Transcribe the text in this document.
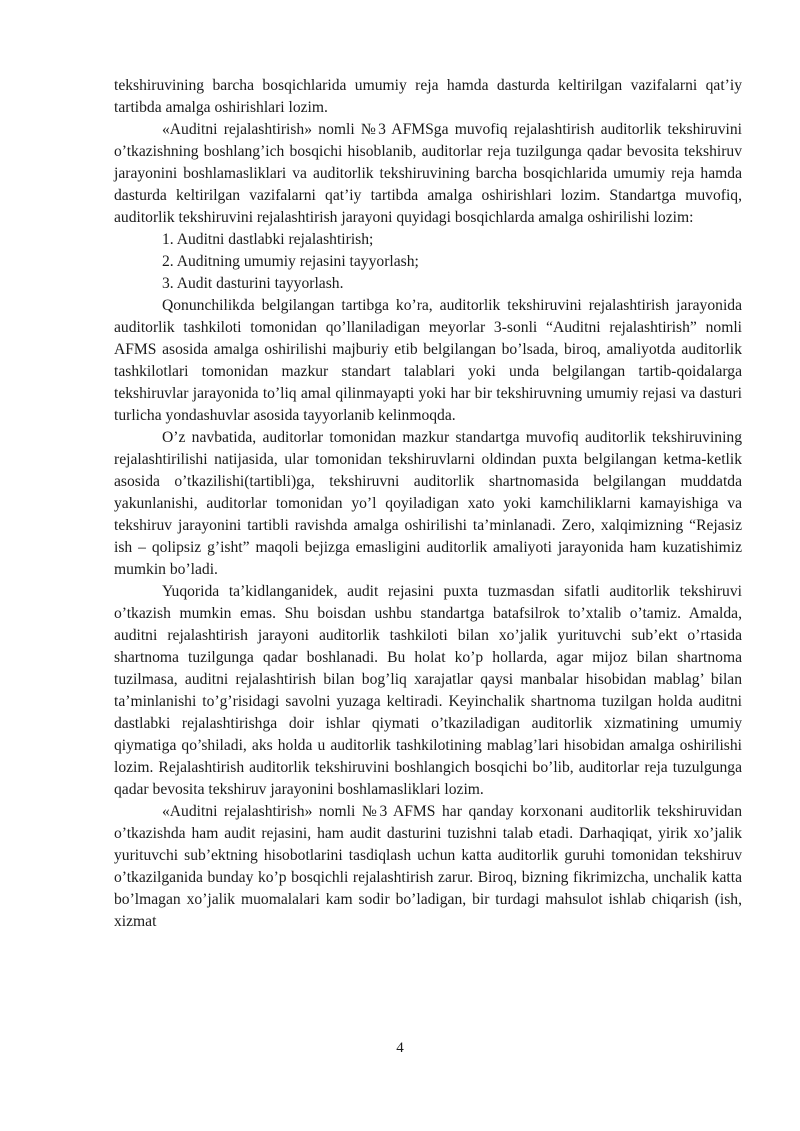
tekshiruvining barcha bosqichlarida umumiy reja hamda dasturda keltirilgan vazifalarni qat’iy tartibda amalga oshirishlari lozim.

«Auditni rejalashtirish» nomli №3 AFMSga muvofiq rejalashtirish auditorlik tekshiruvini o’tkazishning boshlang’ich bosqichi hisoblanib, auditorlar reja tuzilgunga qadar bevosita tekshiruv jarayonini boshlamasliklari va auditorlik tekshiruvining barcha bosqichlarida umumiy reja hamda dasturda keltirilgan vazifalarni qat’iy tartibda amalga oshirishlari lozim. Standartga muvofiq, auditorlik tekshiruvini rejalashtirish jarayoni quyidagi bosqichlarda amalga oshirilishi lozim:

1. Auditni dastlabki rejalashtirish;

2. Auditning umumiy rejasini tayyorlash;

3. Audit dasturini tayyorlash.

Qonunchilikda belgilangan tartibga ko’ra, auditorlik tekshiruvini rejalashtirish jarayonida auditorlik tashkiloti tomonidan qo’llaniladigan meyorlar 3-sonli “Auditni rejalashtirish” nomli AFMS asosida amalga oshirilishi majburiy etib belgilangan bo’lsada, biroq, amaliyotda auditorlik tashkilotlari tomonidan mazkur standart talablari yoki unda belgilangan tartib-qoidalarga tekshiruvlar jarayonida to’liq amal qilinmayapti yoki har bir tekshiruvning umumiy rejasi va dasturi turlicha yondashuvlar asosida tayyorlanib kelinmoqda.

O’z navbatida, auditorlar tomonidan mazkur standartga muvofiq auditorlik tekshiruvining rejalashtirilishi natijasida, ular tomonidan tekshiruvlarni oldindan puxta belgilangan ketma-ketlik asosida o’tkazilishi(tartibli)ga, tekshiruvni auditorlik shartnomasida belgilangan muddatda yakunlanishi, auditorlar tomonidan yo’l qoyiladigan xato yoki kamchiliklarni kamayishiga va tekshiruv jarayonini tartibli ravishda amalga oshirilishi ta’minlanadi. Zero, xalqimizning “Rejasiz ish – qolipsiz g’isht” maqoli bejizga emasligini auditorlik amaliyoti jarayonida ham kuzatishimiz mumkin bo’ladi.

Yuqorida ta’kidlanganidek, audit rejasini puxta tuzmasdan sifatli auditorlik tekshiruvi o’tkazish mumkin emas. Shu boisdan ushbu standartga batafsilrok to’xtalib o’tamiz. Amalda, auditni rejalashtirish jarayoni auditorlik tashkiloti bilan xo’jalik yurituvchi sub’ekt o’rtasida shartnoma tuzilgunga qadar boshlanadi. Bu holat ko’p hollarda, agar mijoz bilan shartnoma tuzilmasa, auditni rejalashtirish bilan bog’liq xarajatlar qaysi manbalar hisobidan mablag’ bilan ta’minlanishi to’g’risidagi savolni yuzaga keltiradi. Keyinchalik shartnoma tuzilgan holda auditni dastlabki rejalashtirishga doir ishlar qiymati o’tkaziladigan auditorlik xizmatining umumiy qiymatiga qo’shiladi, aks holda u auditorlik tashkilotining mablag’lari hisobidan amalga oshirilishi lozim. Rejalashtirish auditorlik tekshiruvini boshlangich bosqichi bo’lib, auditorlar reja tuzulgunga qadar bevosita tekshiruv jarayonini boshlamasliklari lozim.

«Auditni rejalashtirish» nomli №3 AFMS har qanday korxonani auditorlik tekshiruvidan o’tkazishda ham audit rejasini, ham audit dasturini tuzishni talab etadi. Darhaqiqat, yirik xo’jalik yurituvchi sub’ektning hisobotlarini tasdiqlash uchun katta auditorlik guruhi tomonidan tekshiruv o’tkazilganida bunday ko’p bosqichli rejalashtirish zarur. Biroq, bizning fikrimizcha, unchalik katta bo’lmagan xo’jalik muomalalari kam sodir bo’ladigan, bir turdagi mahsulot ishlab chiqarish (ish, xizmat

4
